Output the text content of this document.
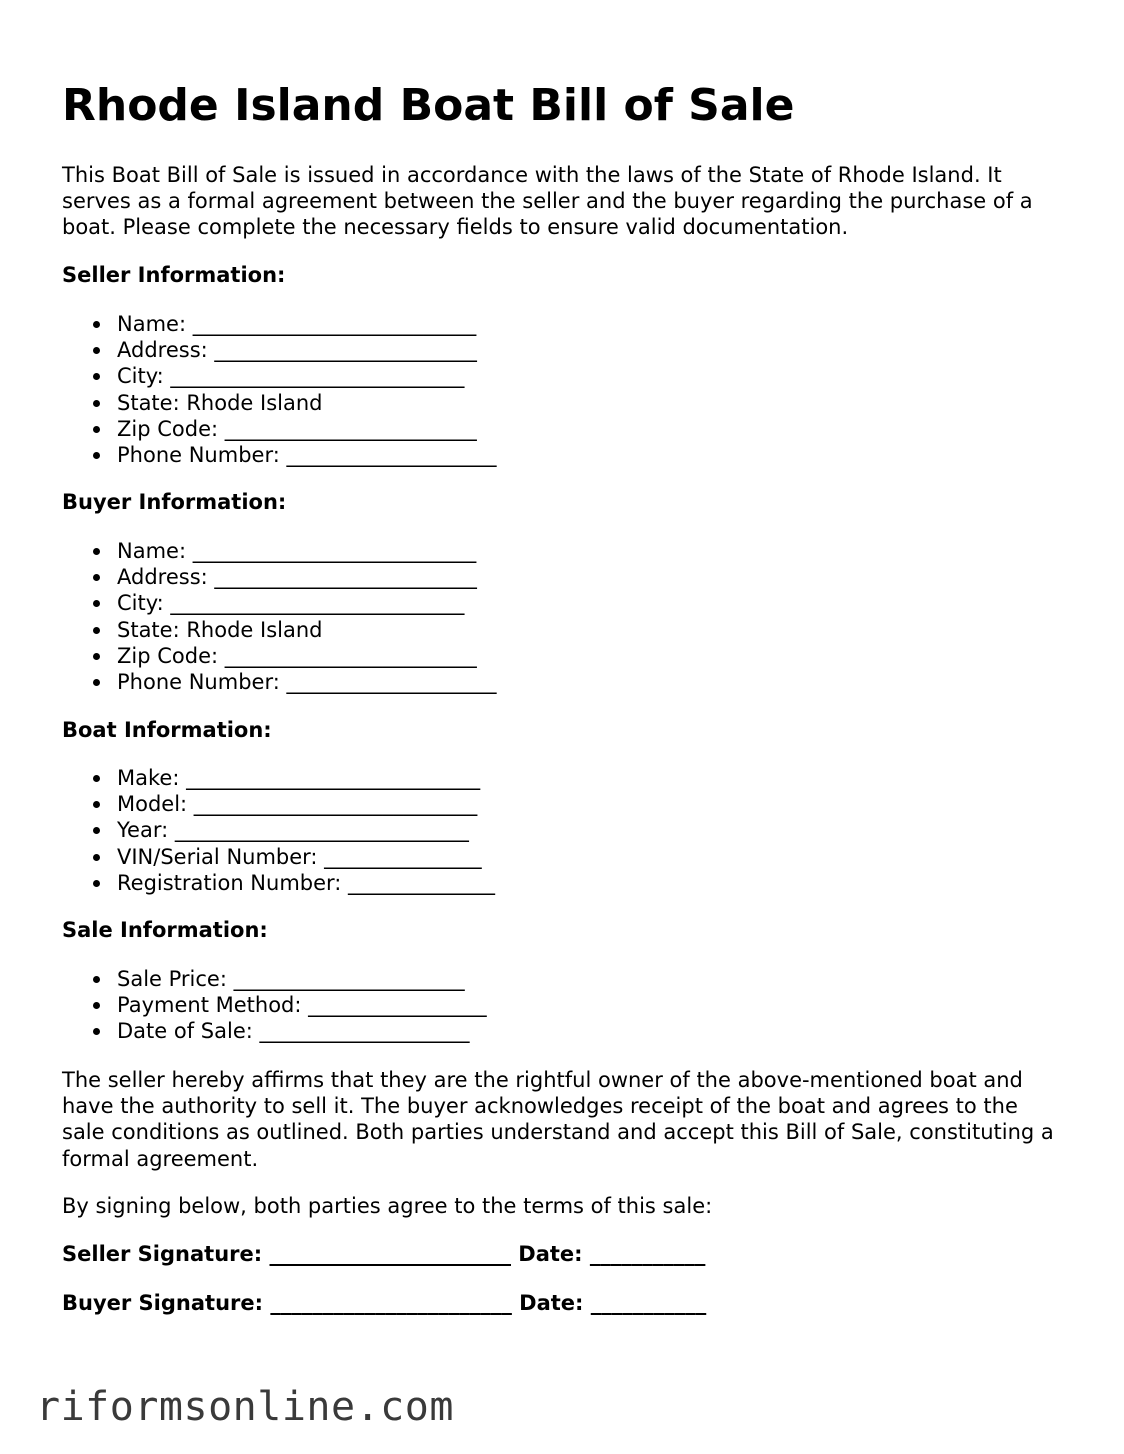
Rhode Island Boat Bill of Sale

This Boat Bill of Sale is issued in accordance with the laws of the State of Rhode Island. It serves as a formal agreement between the seller and the buyer regarding the purchase of a boat. Please complete the necessary fields to ensure valid documentation.

Seller Information:

Name: ___________________________
Address: _________________________
City: ____________________________
State: Rhode Island
Zip Code: ________________________
Phone Number: ____________________

Buyer Information:

Name: ___________________________
Address: _________________________
City: ____________________________
State: Rhode Island
Zip Code: ________________________
Phone Number: ____________________

Boat Information:

Make: ____________________________
Model: ___________________________
Year: ____________________________
VIN/Serial Number: _______________
Registration Number: ______________

Sale Information:

Sale Price: ______________________
Payment Method: _________________
Date of Sale: ____________________

The seller hereby affirms that they are the rightful owner of the above-mentioned boat and have the authority to sell it. The buyer acknowledges receipt of the boat and agrees to the sale conditions as outlined. Both parties understand and accept this Bill of Sale, constituting a formal agreement.

By signing below, both parties agree to the terms of this sale:

Seller Signature: _______________________ Date: ___________

Buyer Signature: _______________________ Date: ___________

riformsonline.com
